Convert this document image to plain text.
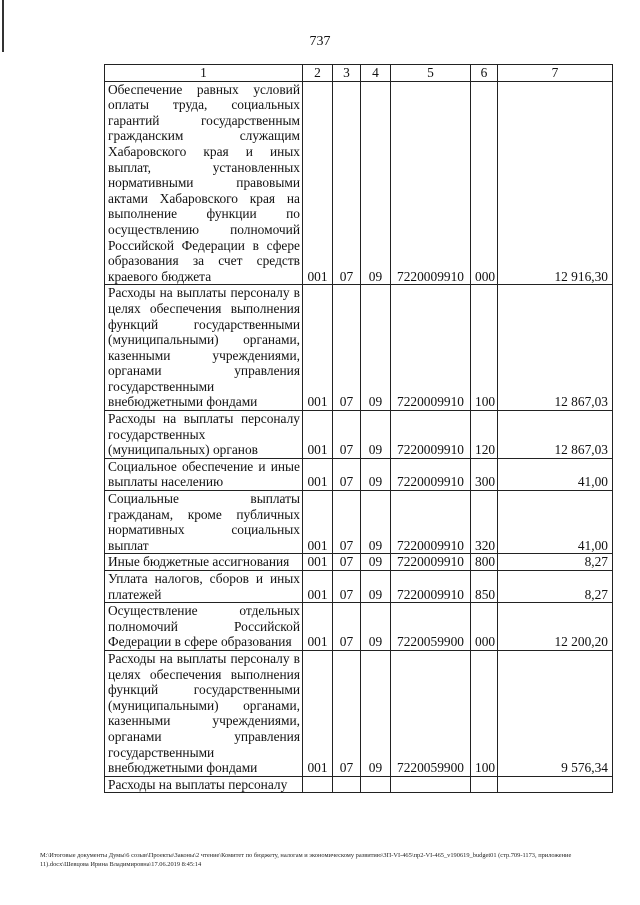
737
1	2	3	4	5	6	7
Обеспечение равных условий оплаты труда, социальных гарантий государственным гражданским служащим Хабаровского края и иных выплат, установленных нормативными правовыми актами Хабаровского края на выполнение функции по осуществлению полномочий Российской Федерации в сфере образования за счет средств краевого бюджета	001	07	09	7220009910	000	12 916,30
Расходы на выплаты персоналу в целях обеспечения выполнения функций государственными (муниципальными) органами, казенными учреждениями, органами управления государственными внебюджетными фондами	001	07	09	7220009910	100	12 867,03
Расходы на выплаты персоналу государственных (муниципальных) органов	001	07	09	7220009910	120	12 867,03
Социальное обеспечение и иные выплаты населению	001	07	09	7220009910	300	41,00
Социальные выплаты гражданам, кроме публичных нормативных социальных выплат	001	07	09	7220009910	320	41,00
Иные бюджетные ассигнования	001	07	09	7220009910	800	8,27
Уплата налогов, сборов и иных платежей	001	07	09	7220009910	850	8,27
Осуществление отдельных полномочий Российской Федерации в сфере образования	001	07	09	7220059900	000	12 200,20
Расходы на выплаты персоналу в целях обеспечения выполнения функций государственными (муниципальными) органами, казенными учреждениями, органами управления государственными внебюджетными фондами	001	07	09	7220059900	100	9 576,34
Расходы на выплаты персоналу						
M:\Итоговые документы Думы\6 созыв\Проекты\Законы\2 чтение\Комитет по бюджету, налогам и экономическому развитию\ЗП-VI-465\пр2-VI-465_v190619_budget01 (стр.709-1173, приложение 11).docx\Шевцова Ирина Владимировна\17.06.2019 8:45:14
